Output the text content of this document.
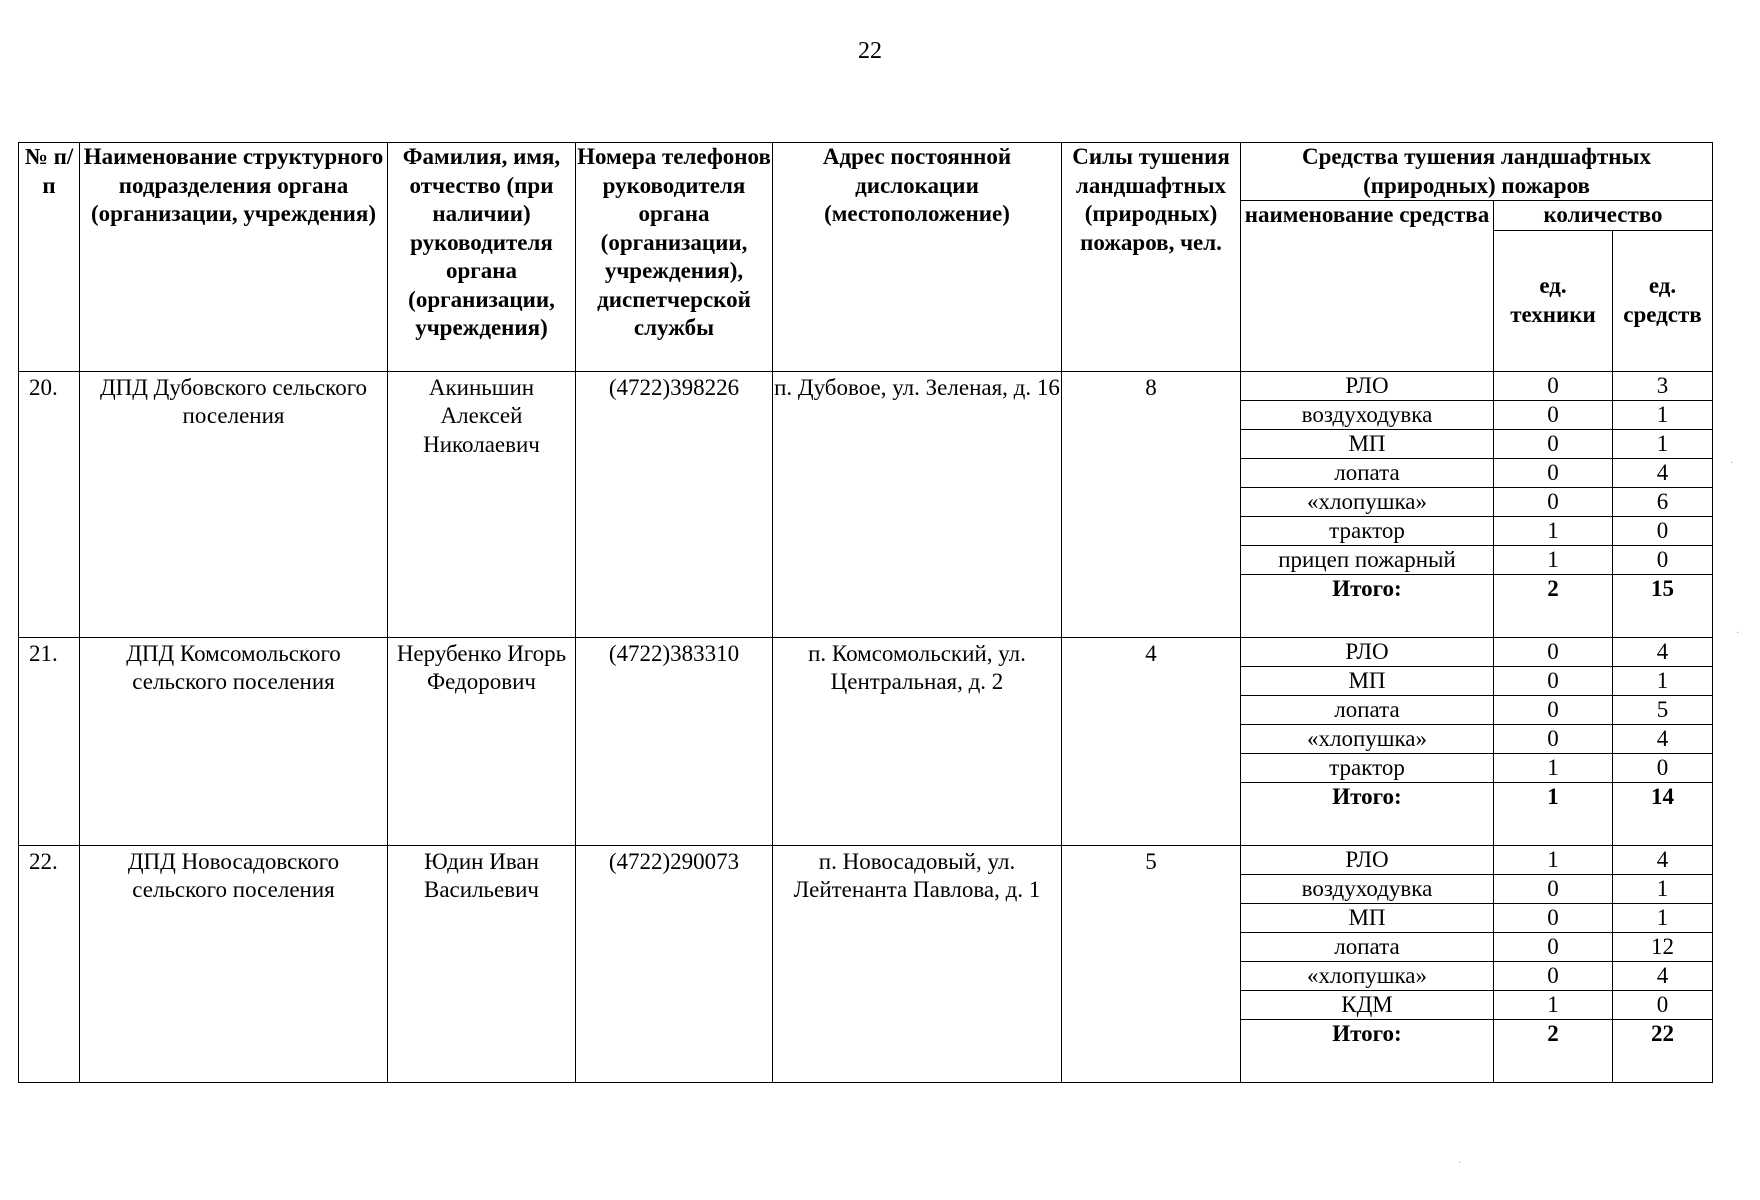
22
№ п/п	Наименование структурного подразделения органа (организации, учреждения)	Фамилия, имя, отчество (при наличии) руководителя органа (организации, учреждения)	Номера телефонов руководителя органа (организации, учреждения), диспетчерской службы	Адрес постоянной дислокации (местоположение)	Силы тушения ландшафтных (природных) пожаров, чел.	Средства тушения ландшафтных (природных) пожаров		
						наименование средства	количество	
							ед. техники	ед. средств
20.	ДПД Дубовского сельского поселения	Акиньшин Алексей Николаевич	(4722)398226	п. Дубовое, ул. Зеленая, д. 16	8	РЛО	0	3
						воздуходувка	0	1
						МП	0	1
						лопата	0	4
						«хлопушка»	0	6
						трактор	1	0
						прицеп пожарный	1	0
						Итого:	2	15
21.	ДПД Комсомольского сельского поселения	Нерубенко Игорь Федорович	(4722)383310	п. Комсомольский, ул. Центральная, д. 2	4	РЛО	0	4
						МП	0	1
						лопата	0	5
						«хлопушка»	0	4
						трактор	1	0
						Итого:	1	14
22.	ДПД Новосадовского сельского поселения	Юдин Иван Васильевич	(4722)290073	п. Новосадовый, ул. Лейтенанта Павлова, д. 1	5	РЛО	1	4
						воздуходувка	0	1
						МП	0	1
						лопата	0	12
						«хлопушка»	0	4
						КДМ	1	0
						Итого:	2	22
·
·
·
